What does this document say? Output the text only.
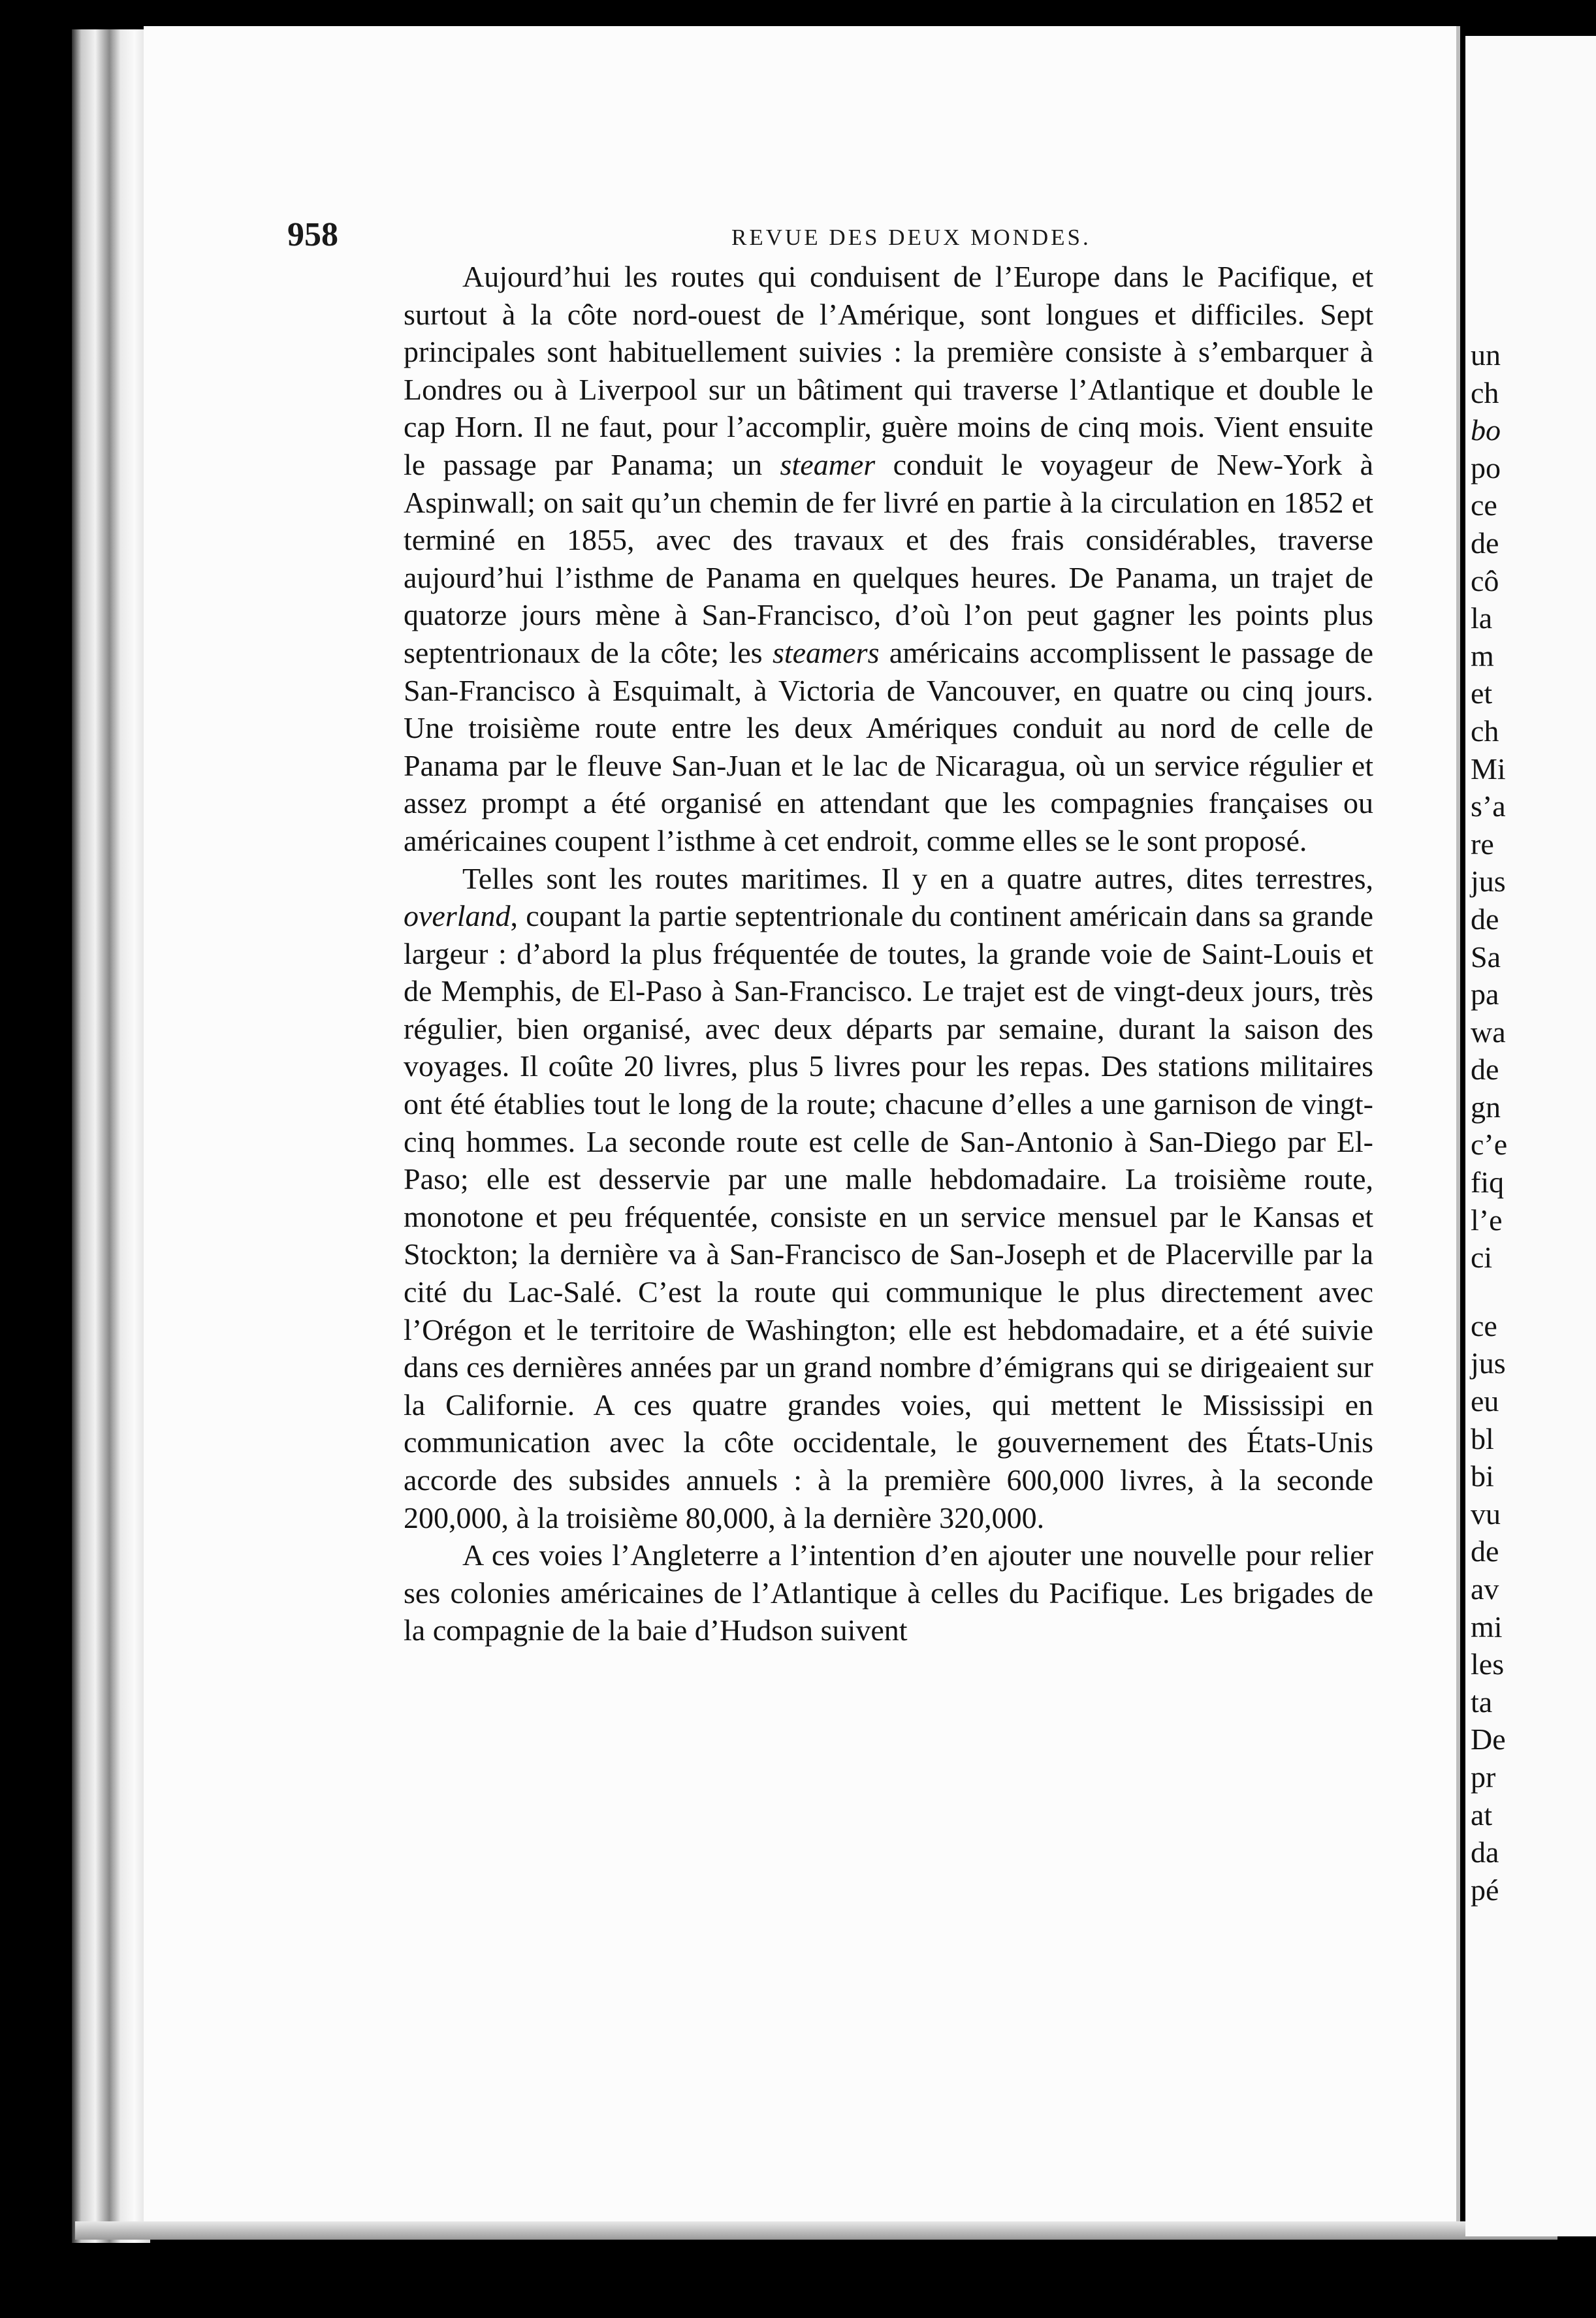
958	REVUE DES DEUX MONDES.

Aujourd’hui les routes qui conduisent de l’Europe dans le Pacifique, et surtout à la côte nord-ouest de l’Amérique, sont longues et difficiles. Sept principales sont habituellement suivies : la première consiste à s’embarquer à Londres ou à Liverpool sur un bâtiment qui traverse l’Atlantique et double le cap Horn. Il ne faut, pour l’accomplir, guère moins de cinq mois. Vient ensuite le passage par Panama; un steamer conduit le voyageur de New-York à Aspinwall; on sait qu’un chemin de fer livré en partie à la circulation en 1852 et terminé en 1855, avec des travaux et des frais considérables, traverse aujourd’hui l’isthme de Panama en quelques heures. De Panama, un trajet de quatorze jours mène à San-Francisco, d’où l’on peut gagner les points plus septentrionaux de la côte; les steamers américains accomplissent le passage de San-Francisco à Esquimalt, à Victoria de Vancouver, en quatre ou cinq jours. Une troisième route entre les deux Amériques conduit au nord de celle de Panama par le fleuve San-Juan et le lac de Nicaragua, où un service régulier et assez prompt a été organisé en attendant que les compagnies françaises ou américaines coupent l’isthme à cet endroit, comme elles se le sont proposé.

Telles sont les routes maritimes. Il y en a quatre autres, dites terrestres, overland, coupant la partie septentrionale du continent américain dans sa grande largeur : d’abord la plus fréquentée de toutes, la grande voie de Saint-Louis et de Memphis, de El-Paso à San-Francisco. Le trajet est de vingt-deux jours, très régulier, bien organisé, avec deux départs par semaine, durant la saison des voyages. Il coûte 20 livres, plus 5 livres pour les repas. Des stations militaires ont été établies tout le long de la route; chacune d’elles a une garnison de vingt-cinq hommes. La seconde route est celle de San-Antonio à San-Diego par El-Paso; elle est desservie par une malle hebdomadaire. La troisième route, monotone et peu fréquentée, consiste en un service mensuel par le Kansas et Stockton; la dernière va à San-Francisco de San-Joseph et de Placerville par la cité du Lac-Salé. C’est la route qui communique le plus directement avec l’Orégon et le territoire de Washington; elle est hebdomadaire, et a été suivie dans ces dernières années par un grand nombre d’émigrans qui se dirigeaient sur la Californie. A ces quatre grandes voies, qui mettent le Mississipi en communication avec la côte occidentale, le gouvernement des États-Unis accorde des subsides annuels : à la première 600,000 livres, à la seconde 200,000, à la troisième 80,000, à la dernière 320,000.

A ces voies l’Angleterre a l’intention d’en ajouter une nouvelle pour relier ses colonies américaines de l’Atlantique à celles du Pacifique. Les brigades de la compagnie de la baie d’Hudson suivent

un
ch
bo
po
ce
de
cô
la
m
et
ch
Mi
s’a
re
jus
de
Sa
pa
wa
de
gn
c’e
fiq
l’e
ci
ce
jus
eu
bl
bi
vu
de
av
mi
les
ta
De
pr
at
da
pé
